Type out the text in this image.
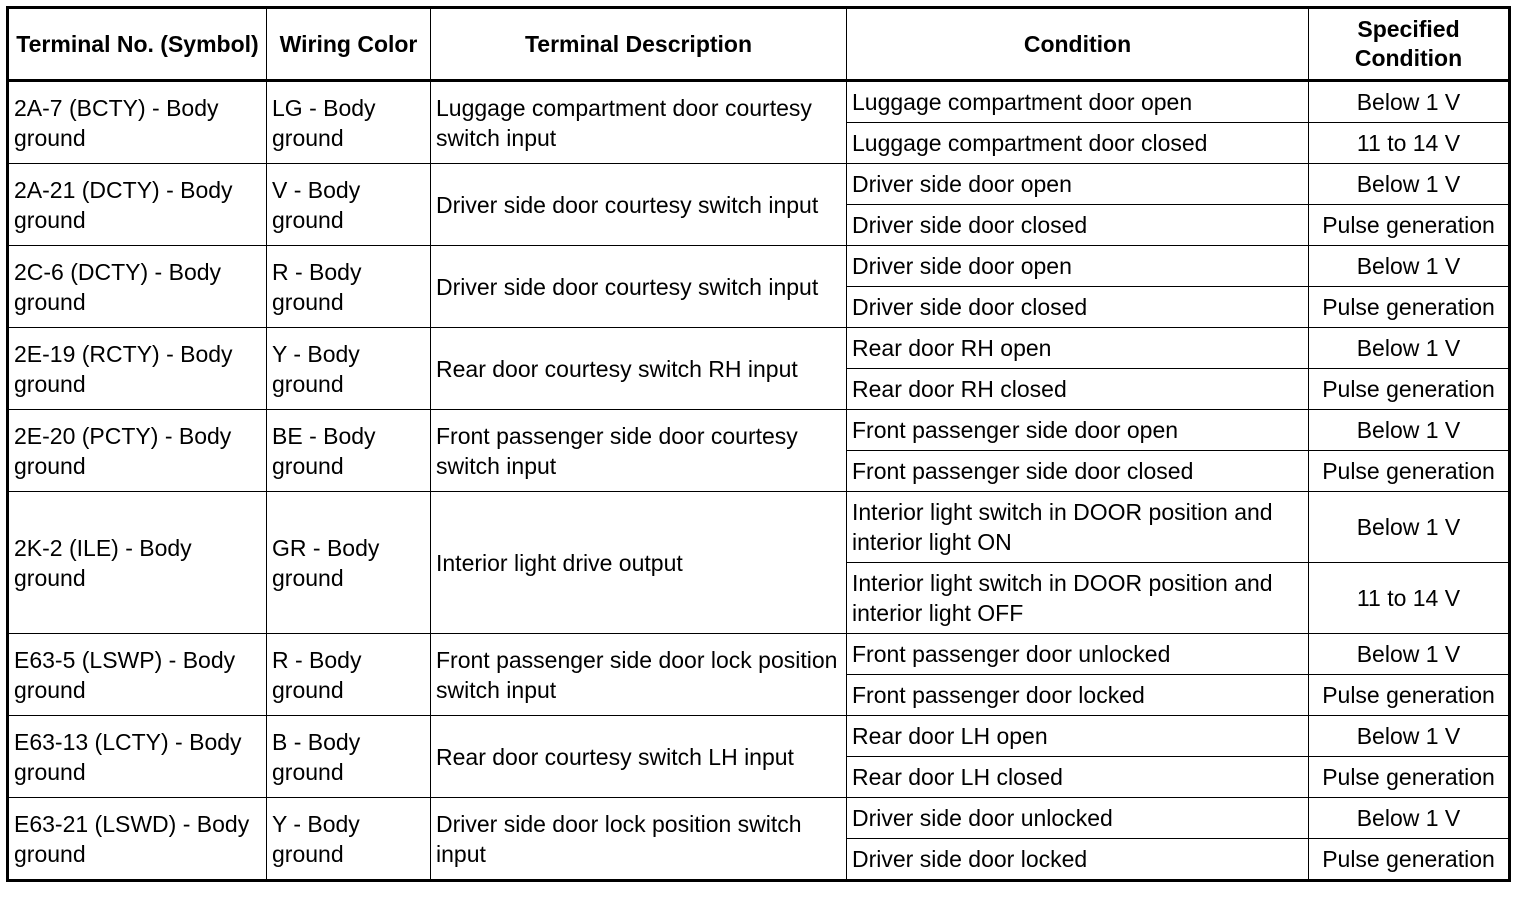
Terminal No. (Symbol)	Wiring Color	Terminal Description	Condition	Specified Condition
2A-7 (BCTY) - Body ground	LG - Body ground	Luggage compartment door courtesy switch input	Luggage compartment door open	Below 1 V
			Luggage compartment door closed	11 to 14 V
2A-21 (DCTY) - Body ground	V - Body ground	Driver side door courtesy switch input	Driver side door open	Below 1 V
			Driver side door closed	Pulse generation
2C-6 (DCTY) - Body ground	R - Body ground	Driver side door courtesy switch input	Driver side door open	Below 1 V
			Driver side door closed	Pulse generation
2E-19 (RCTY) - Body ground	Y - Body ground	Rear door courtesy switch RH input	Rear door RH open	Below 1 V
			Rear door RH closed	Pulse generation
2E-20 (PCTY) - Body ground	BE - Body ground	Front passenger side door courtesy switch input	Front passenger side door open	Below 1 V
			Front passenger side door closed	Pulse generation
2K-2 (ILE) - Body ground	GR - Body ground	Interior light drive output	Interior light switch in DOOR position and interior light ON	Below 1 V
			Interior light switch in DOOR position and interior light OFF	11 to 14 V
E63-5 (LSWP) - Body ground	R - Body ground	Front passenger side door lock position switch input	Front passenger door unlocked	Below 1 V
			Front passenger door locked	Pulse generation
E63-13 (LCTY) - Body ground	B - Body ground	Rear door courtesy switch LH input	Rear door LH open	Below 1 V
			Rear door LH closed	Pulse generation
E63-21 (LSWD) - Body ground	Y - Body ground	Driver side door lock position switch input	Driver side door unlocked	Below 1 V
			Driver side door locked	Pulse generation
